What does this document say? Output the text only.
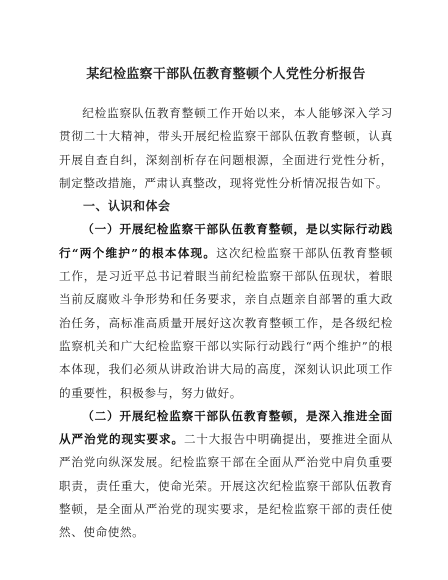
某纪检监察干部队伍教育整顿个人党性分析报告

纪检监察队伍教育整顿工作开始以来，本人能够深入学习贯彻二十大精神，带头开展纪检监察干部队伍教育整顿，认真开展自查自纠，深刻剖析存在问题根源，全面进行党性分析，制定整改措施，严肃认真整改，现将党性分析情况报告如下。

一、认识和体会

（一）开展纪检监察干部队伍教育整顿，是以实际行动践行“两个维护”的根本体现。这次纪检监察干部队伍教育整顿工作，是习近平总书记着眼当前纪检监察干部队伍现状，着眼当前反腐败斗争形势和任务要求，亲自点题亲自部署的重大政治任务，高标准高质量开展好这次教育整顿工作，是各级纪检监察机关和广大纪检监察干部以实际行动践行“两个维护”的根本体现，我们必须从讲政治讲大局的高度，深刻认识此项工作的重要性，积极参与，努力做好。

（二）开展纪检监察干部队伍教育整顿，是深入推进全面从严治党的现实要求。二十大报告中明确提出，要推进全面从严治党向纵深发展。纪检监察干部在全面从严治党中肩负重要职责，责任重大，使命光荣。开展这次纪检监察干部队伍教育整顿，是全面从严治党的现实要求，是纪检监察干部的责任使然、使命使然。
